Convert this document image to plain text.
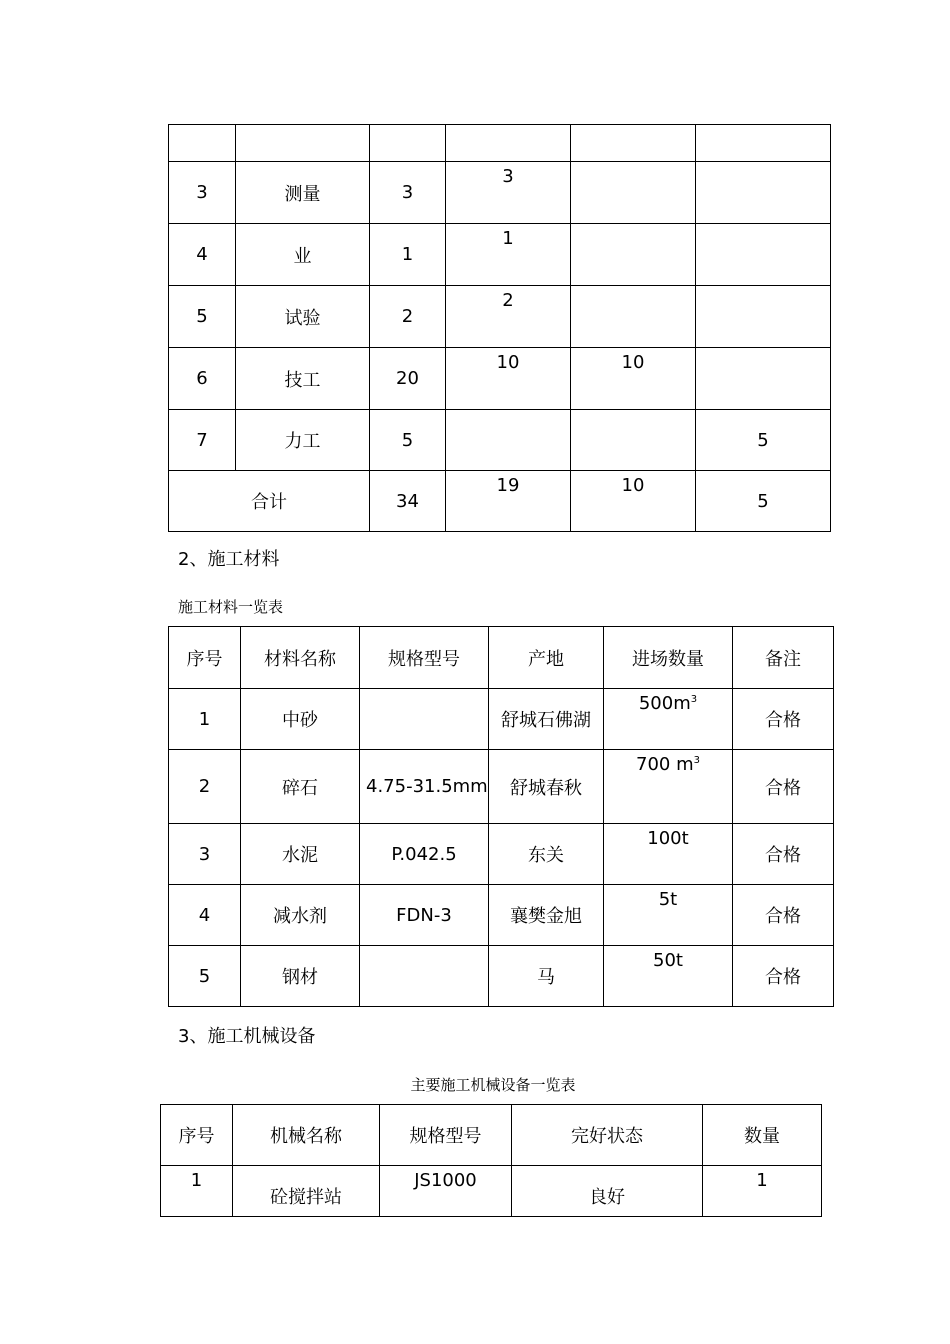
3	测量	3	3		
4	业	1	1		
5	试验	2	2		
6	技工	20	10	10	
7	力工	5			5
合计		34	19	10	5
2、施工材料
施工材料一览表
序号	材料名称	规格型号	产地	进场数量	备注
1	中砂		舒城石佛湖	$500m^3$	合格
2	碎石	4.75-31.5mm	舒城春秋	700 $m^3$	合格
3	水泥	P.042.5	东关	100t	合格
4	减水剂	FDN-3	襄樊金旭	5t	合格
5	钢材		马	50t	合格
3、施工机械设备
主要施工机械设备一览表
序号	机械名称	规格型号	完好状态	数量
1	砼搅拌站	JS1000	良好	1
